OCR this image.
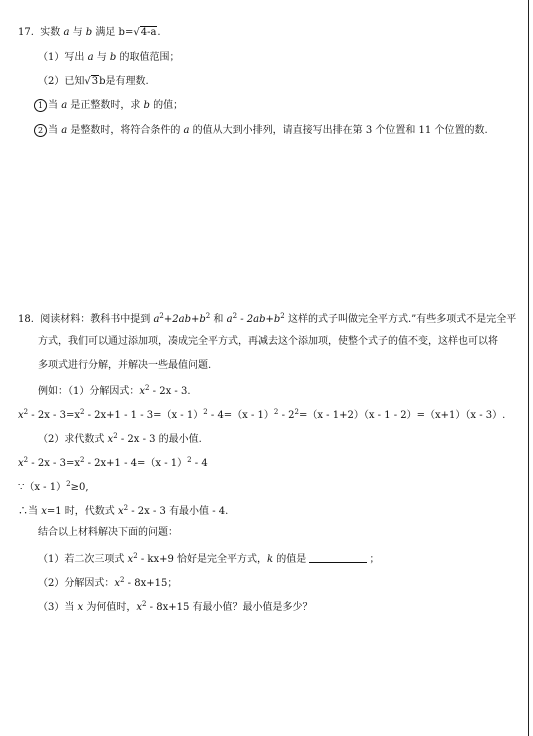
17. 实数 a 与 b 满足 b=√4-a.
（1）写出 a 与 b 的取值范围；
（2）已知√3b是有理数.
1 当 a 是正整数时，求 b 的值；
2 当 a 是整数时，将符合条件的 a 的值从大到小排列，请直接写出排在第 3 个位置和 11 个位置的数.
18. 阅读材料：教科书中提到 $a^2+2ab+b^2$ 和 $a^2 - 2ab+b^2$ 这样的式子叫做完全平方式.”有些多项式不是完全平
方式，我们可以通过添加项，凑成完全平方式，再减去这个添加项，使整个式子的值不变，这样也可以将
多项式进行分解，并解决一些最值问题.
例如：（1）分解因式：$x^2 - 2x - 3$.
$x^2 - 2x - 3=x^2 - 2x+1 - 1 - 3=(x - 1)^2 - 4=(x - 1)^2 - 2^2=(x - 1+2)(x - 1 - 2)=(x+1)(x - 3)$.
（2）求代数式 $x^2 - 2x - 3$ 的最小值.
$x^2 - 2x - 3=x^2 - 2x+1 - 4=(x - 1)^2 - 4$
∵（x - 1）$^2$≥0,
∴当 x=1 时，代数式 $x^2 - 2x - 3$ 有最小值 - 4.
结合以上材料解决下面的问题：
（1）若二次三项式 $x^2 - kx+9$ 恰好是完全平方式，k 的值是	；
（2）分解因式：$x^2 - 8x+15$；
（3）当 x 为何值时，$x^2 - 8x+15$ 有最小值？最小值是多少？
